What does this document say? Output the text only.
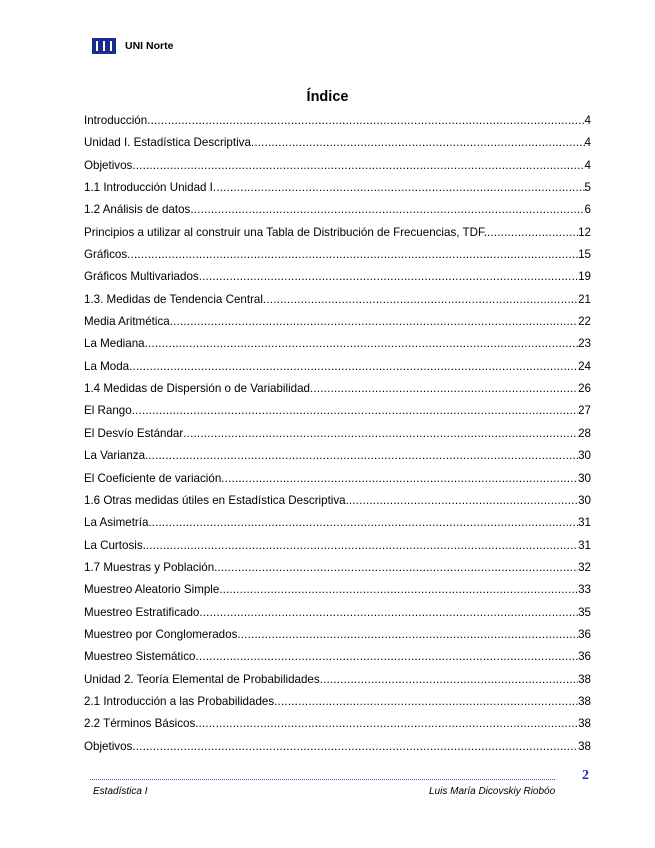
UNI Norte
Índice
Introducción .....	4
Unidad I. Estadística Descriptiva .....	4
Objetivos .....	4
1.1 Introducción Unidad I .....	5
1.2 Análisis de datos .....	6
Principios a utilizar al construir una Tabla de Distribución de Frecuencias, TDF. .....	12
Gráficos .....	15
Gráficos Multivariados .....	19
1.3. Medidas de Tendencia Central .....	21
Media Aritmética .....	22
La Mediana .....	23
La Moda .....	24
1.4 Medidas de Dispersión o de Variabilidad .....	26
El Rango .....	27
El Desvío Estándar .....	28
La Varianza. .....	30
El Coeficiente de variación .....	30
1.6 Otras medidas útiles en Estadística Descriptiva. .....	30
La Asimetría. .....	31
La Curtosis. .....	31
1.7 Muestras y Población. .....	32
Muestreo Aleatorio Simple. .....	33
Muestreo Estratificado .....	35
Muestreo por Conglomerados .....	36
Muestreo Sistemático .....	36
Unidad 2. Teoría Elemental de Probabilidades .....	38
2.1 Introducción a las Probabilidades .....	38
2.2 Términos Básicos. .....	38
Objetivos .....	38
2
Estadística I	Luis María Dicovskiy Riobóo
